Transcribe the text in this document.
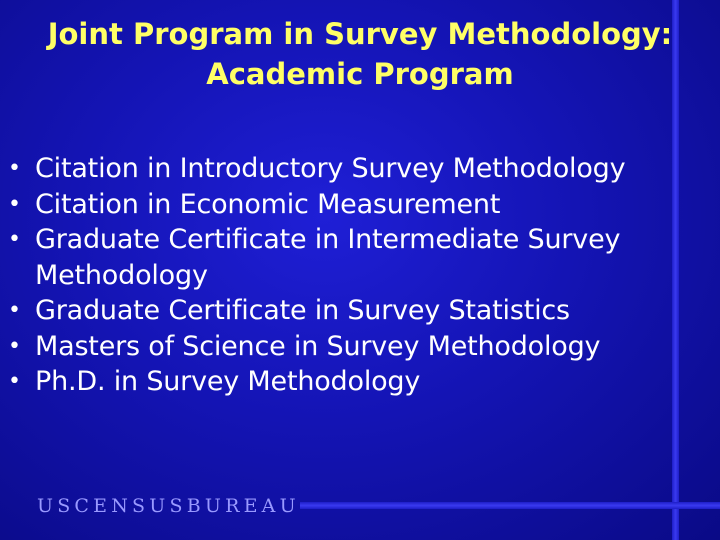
Joint Program in Survey Methodology:
Academic Program
• Citation in Introductory Survey Methodology
• Citation in Economic Measurement
• Graduate Certificate in Intermediate Survey Methodology
• Graduate Certificate in Survey Statistics
• Masters of Science in Survey Methodology
• Ph.D. in Survey Methodology
USCENSUSBUREAU
